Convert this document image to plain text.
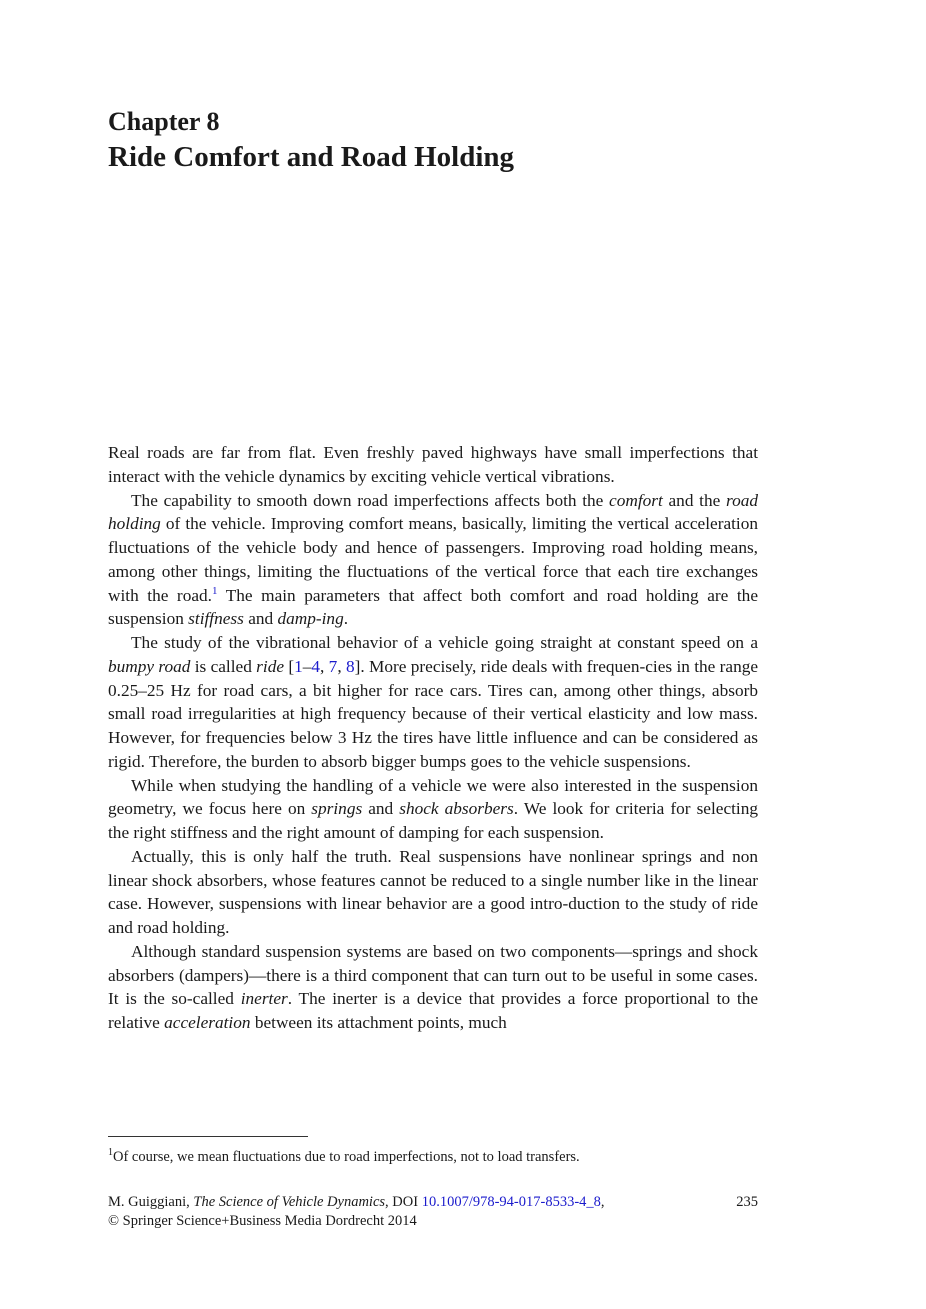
Chapter 8
Ride Comfort and Road Holding

Real roads are far from flat. Even freshly paved highways have small imperfections that interact with the vehicle dynamics by exciting vehicle vertical vibrations.

The capability to smooth down road imperfections affects both the comfort and the road holding of the vehicle. Improving comfort means, basically, limiting the vertical acceleration fluctuations of the vehicle body and hence of passengers. Improving road holding means, among other things, limiting the fluctuations of the vertical force that each tire exchanges with the road.$^1$ The main parameters that affect both comfort and road holding are the suspension stiffness and damp-ing.

The study of the vibrational behavior of a vehicle going straight at constant speed on a bumpy road is called ride [1–4, 7, 8]. More precisely, ride deals with frequen-cies in the range 0.25–25 Hz for road cars, a bit higher for race cars. Tires can, among other things, absorb small road irregularities at high frequency because of their vertical elasticity and low mass. However, for frequencies below 3 Hz the tires have little influence and can be considered as rigid. Therefore, the burden to absorb bigger bumps goes to the vehicle suspensions.

While when studying the handling of a vehicle we were also interested in the suspension geometry, we focus here on springs and shock absorbers. We look for criteria for selecting the right stiffness and the right amount of damping for each suspension.

Actually, this is only half the truth. Real suspensions have nonlinear springs and non linear shock absorbers, whose features cannot be reduced to a single number like in the linear case. However, suspensions with linear behavior are a good intro-duction to the study of ride and road holding.

Although standard suspension systems are based on two components—springs and shock absorbers (dampers)—there is a third component that can turn out to be useful in some cases. It is the so-called inerter. The inerter is a device that provides a force proportional to the relative acceleration between its attachment points, much

$^1$Of course, we mean fluctuations due to road imperfections, not to load transfers.
M. Guiggiani, The Science of Vehicle Dynamics, DOI 10.1007/978-94-017-8533-4_8,	235
© Springer Science+Business Media Dordrecht 2014
